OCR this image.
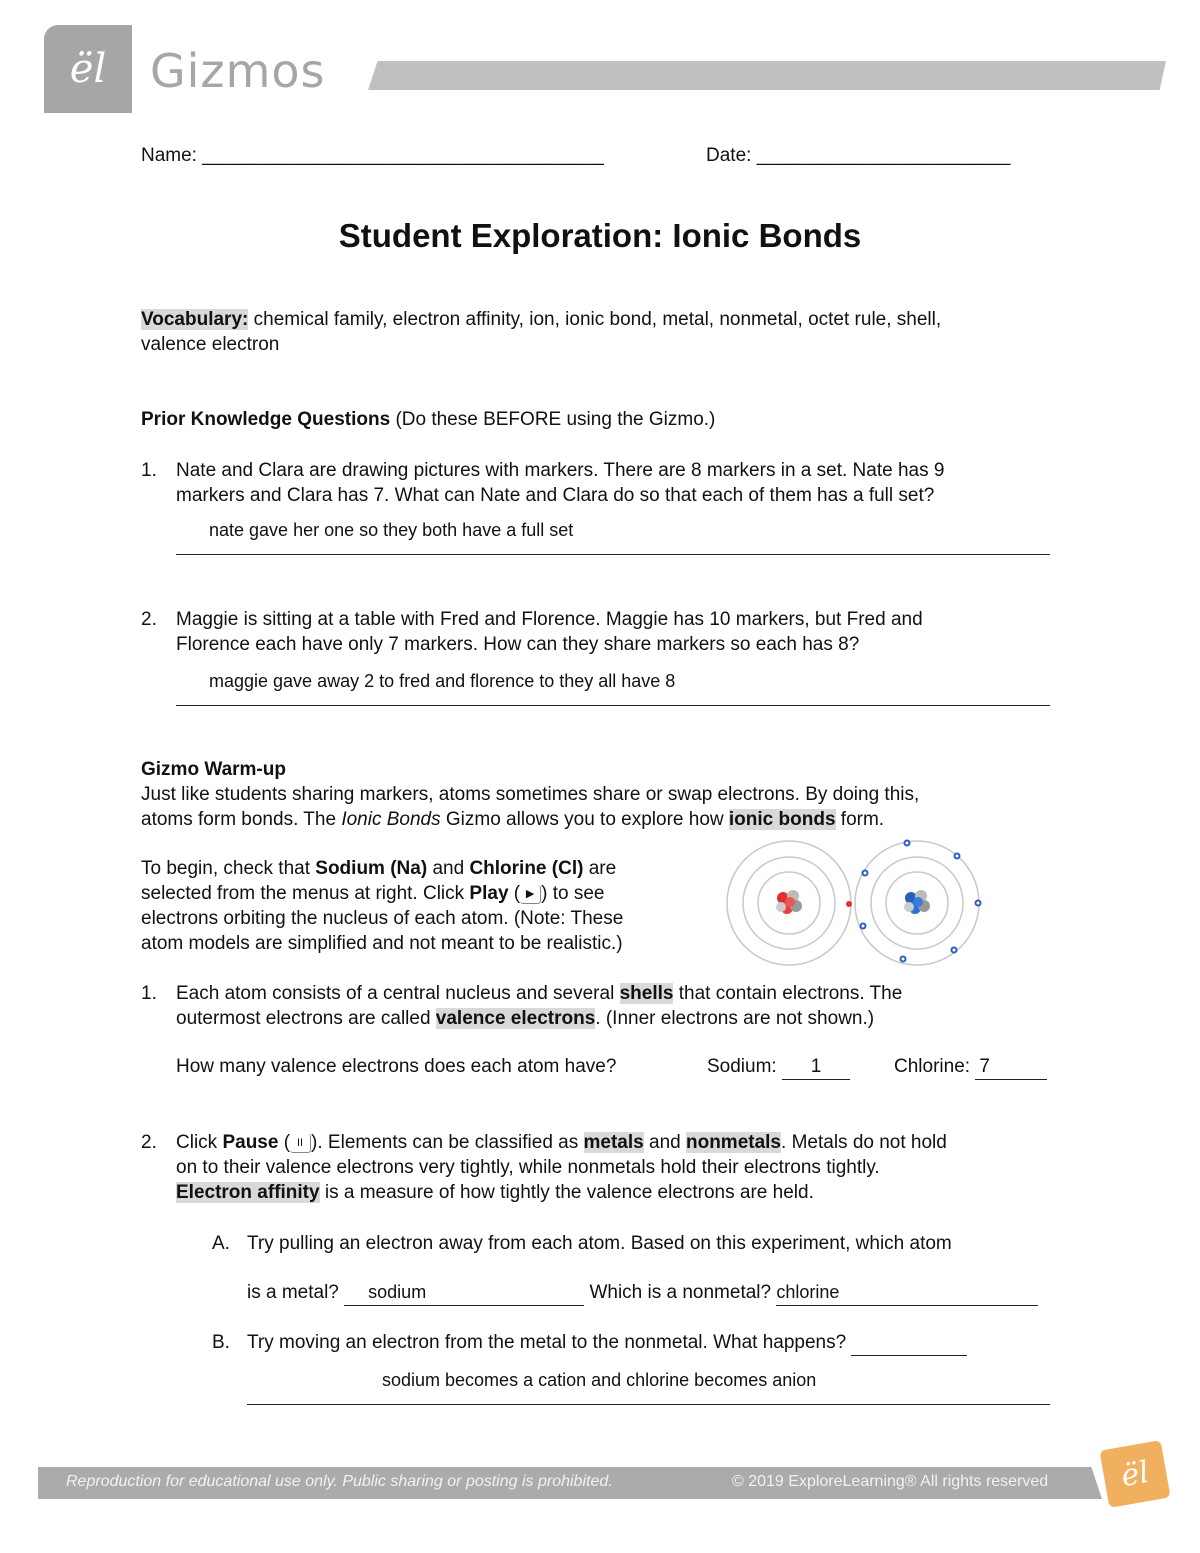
ël Gizmos
Name: ______________________________________	Date: ________________________
Student Exploration: Ionic Bonds
Vocabulary: chemical family, electron affinity, ion, ionic bond, metal, nonmetal, octet rule, shell,
valence electron
Prior Knowledge Questions (Do these BEFORE using the Gizmo.)
1. Nate and Clara are drawing pictures with markers. There are 8 markers in a set. Nate has 9
markers and Clara has 7. What can Nate and Clara do so that each of them has a full set?
nate gave her one so they both have a full set
2. Maggie is sitting at a table with Fred and Florence. Maggie has 10 markers, but Fred and
Florence each have only 7 markers. How can they share markers so each has 8?
maggie gave away 2 to fred and florence to they all have 8
Gizmo Warm-up
Just like students sharing markers, atoms sometimes share or swap electrons. By doing this,
atoms form bonds. The Ionic Bonds Gizmo allows you to explore how ionic bonds form.
To begin, check that Sodium (Na) and Chlorine (Cl) are
selected from the menus at right. Click Play ( ▶ ) to see
electrons orbiting the nucleus of each atom. (Note: These
atom models are simplified and not meant to be realistic.)
1. Each atom consists of a central nucleus and several shells that contain electrons. The
outermost electrons are called valence electrons. (Inner electrons are not shown.)
How many valence electrons does each atom have?	Sodium: 1	Chlorine: 7
2. Click Pause ( II ). Elements can be classified as metals and nonmetals. Metals do not hold
on to their valence electrons very tightly, while nonmetals hold their electrons tightly.
Electron affinity is a measure of how tightly the valence electrons are held.
A. Try pulling an electron away from each atom. Based on this experiment, which atom
is a metal? sodium	Which is a nonmetal? chlorine
B. Try moving an electron from the metal to the nonmetal. What happens?
sodium becomes a cation and chlorine becomes anion
Reproduction for educational use only. Public sharing or posting is prohibited.	© 2019 ExploreLearning® All rights reserved ël
